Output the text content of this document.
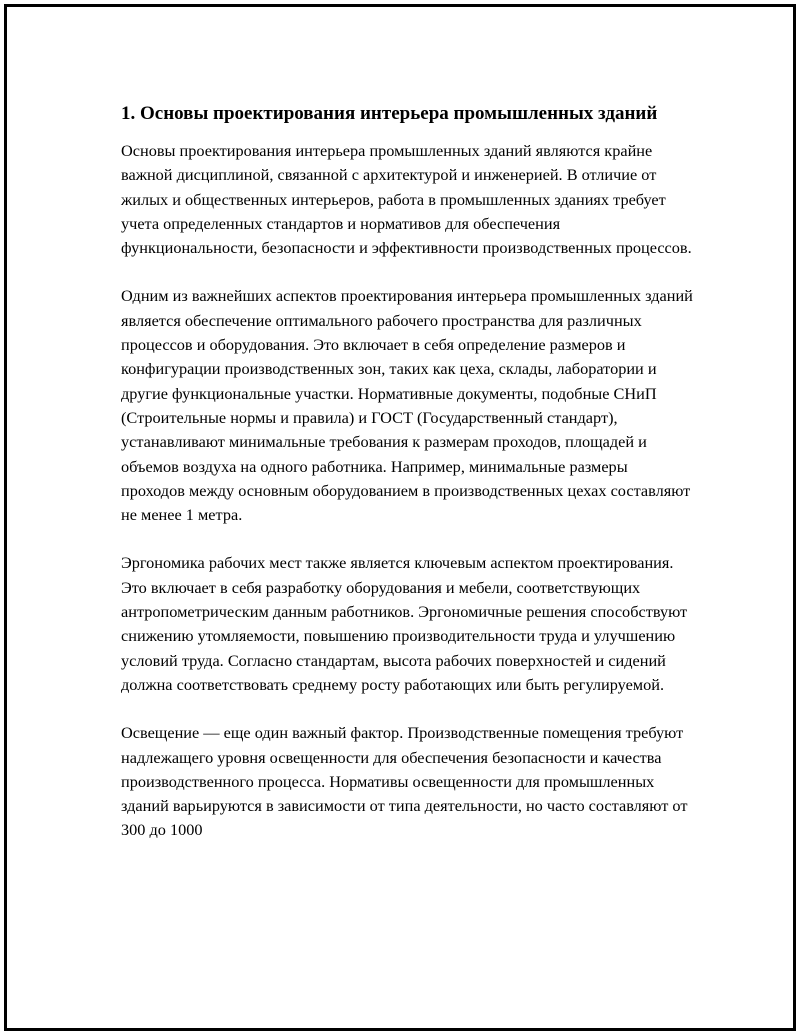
1. Основы проектирования интерьера промышленных зданий

Основы проектирования интерьера промышленных зданий являются крайне важной дисциплиной, связанной с архитектурой и инженерией. В отличие от жилых и общественных интерьеров, работа в промышленных зданиях требует учета определенных стандартов и нормативов для обеспечения функциональности, безопасности и эффективности производственных процессов.

Одним из важнейших аспектов проектирования интерьера промышленных зданий является обеспечение оптимального рабочего пространства для различных процессов и оборудования. Это включает в себя определение размеров и конфигурации производственных зон, таких как цеха, склады, лаборатории и другие функциональные участки. Нормативные документы, подобные СНиП (Строительные нормы и правила) и ГОСТ (Государственный стандарт), устанавливают минимальные требования к размерам проходов, площадей и объемов воздуха на одного работника. Например, минимальные размеры проходов между основным оборудованием в производственных цехах составляют не менее 1 метра.

Эргономика рабочих мест также является ключевым аспектом проектирования. Это включает в себя разработку оборудования и мебели, соответствующих антропометрическим данным работников. Эргономичные решения способствуют снижению утомляемости, повышению производительности труда и улучшению условий труда. Согласно стандартам, высота рабочих поверхностей и сидений должна соответствовать среднему росту работающих или быть регулируемой.

Освещение — еще один важный фактор. Производственные помещения требуют надлежащего уровня освещенности для обеспечения безопасности и качества производственного процесса. Нормативы освещенности для промышленных зданий варьируются в зависимости от типа деятельности, но часто составляют от 300 до 1000
